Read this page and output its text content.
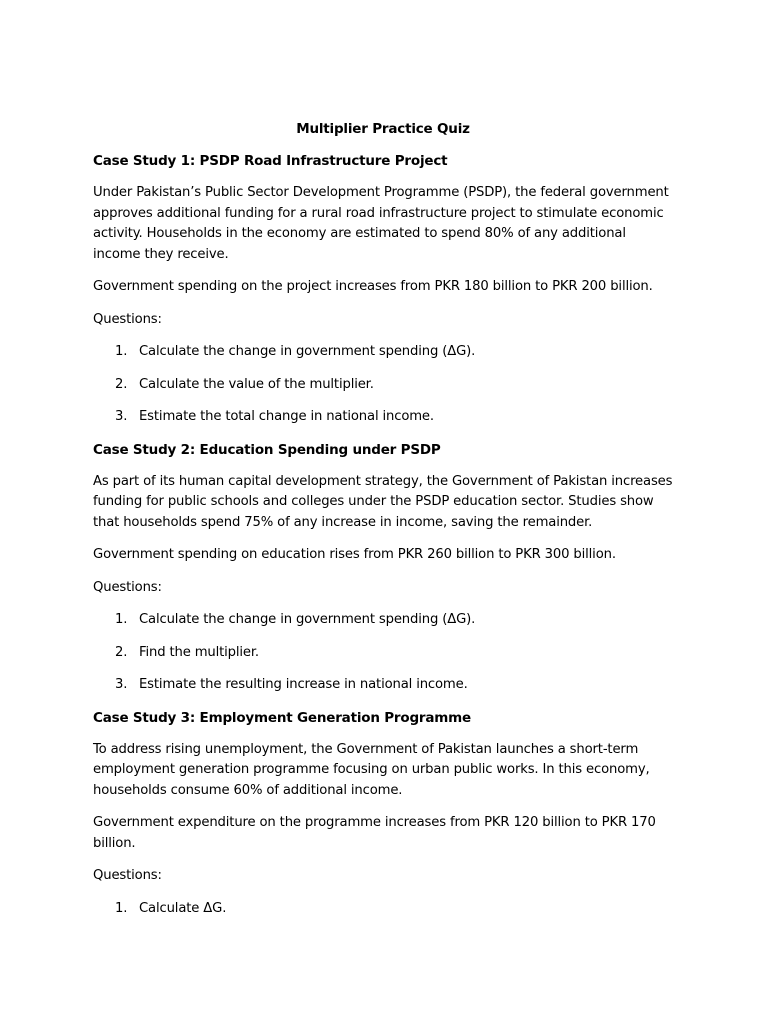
Multiplier Practice Quiz
Case Study 1: PSDP Road Infrastructure Project

Under Pakistan’s Public Sector Development Programme (PSDP), the federal government approves additional funding for a rural road infrastructure project to stimulate economic activity. Households in the economy are estimated to spend 80% of any additional income they receive.

Government spending on the project increases from PKR 180 billion to PKR 200 billion.

Questions:

1. Calculate the change in government spending (ΔG).
2. Calculate the value of the multiplier.
3. Estimate the total change in national income.
Case Study 2: Education Spending under PSDP

As part of its human capital development strategy, the Government of Pakistan increases funding for public schools and colleges under the PSDP education sector. Studies show that households spend 75% of any increase in income, saving the remainder.

Government spending on education rises from PKR 260 billion to PKR 300 billion.

Questions:

1. Calculate the change in government spending (ΔG).
2. Find the multiplier.
3. Estimate the resulting increase in national income.
Case Study 3: Employment Generation Programme

To address rising unemployment, the Government of Pakistan launches a short-term employment generation programme focusing on urban public works. In this economy, households consume 60% of additional income.

Government expenditure on the programme increases from PKR 120 billion to PKR 170 billion.

Questions:

1. Calculate ΔG.
